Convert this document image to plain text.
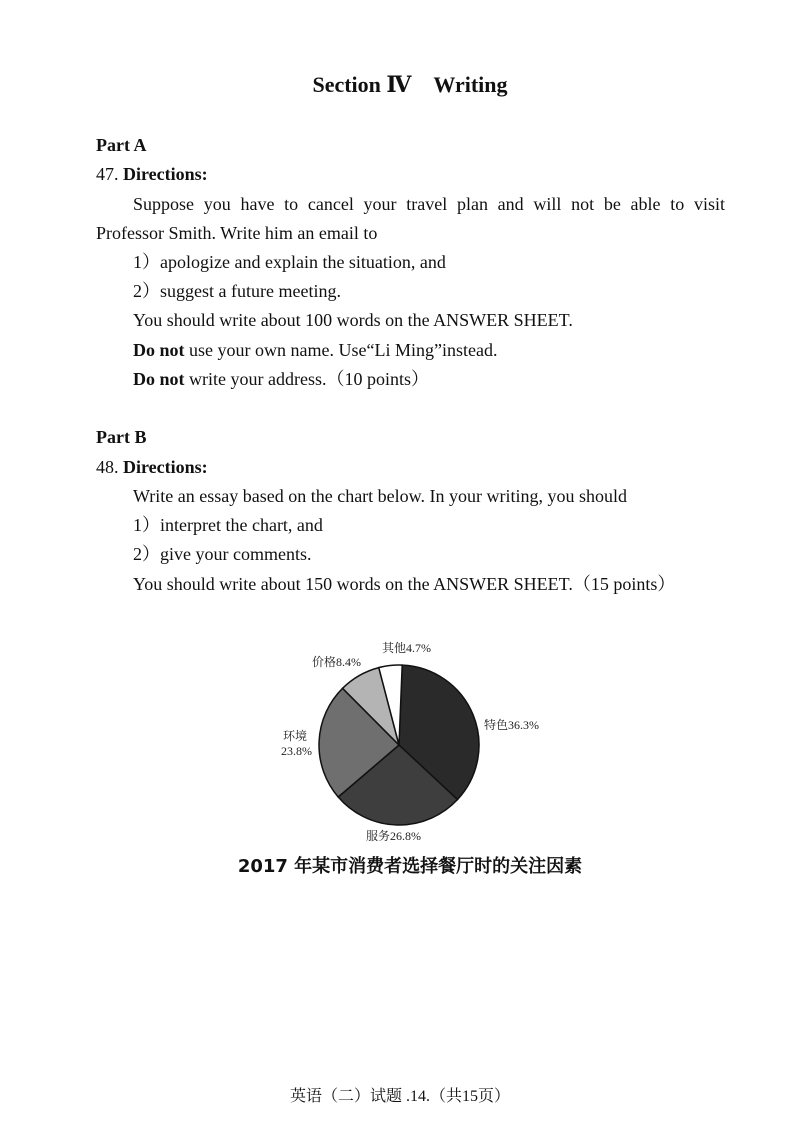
Section Ⅳ Writing
Part A
47. Directions:
Suppose you have to cancel your travel plan and will not be able to visit
Professor Smith. Write him an email to
1）apologize and explain the situation, and
2）suggest a future meeting.
You should write about 100 words on the ANSWER SHEET.
Do not use your own name. Use“Li Ming”instead.
Do not write your address.（10 points）
Part B
48. Directions:
Write an essay based on the chart below. In your writing, you should
1）interpret the chart, and
2）give your comments.
You should write about 150 words on the ANSWER SHEET.（15 points）
特色36.3%
服务26.8%
环境
23.8%
价格8.4%
其他4.7%
2017 年某市消费者选择餐厅时的关注因素
英语（二）试题 .14.（共15页）
